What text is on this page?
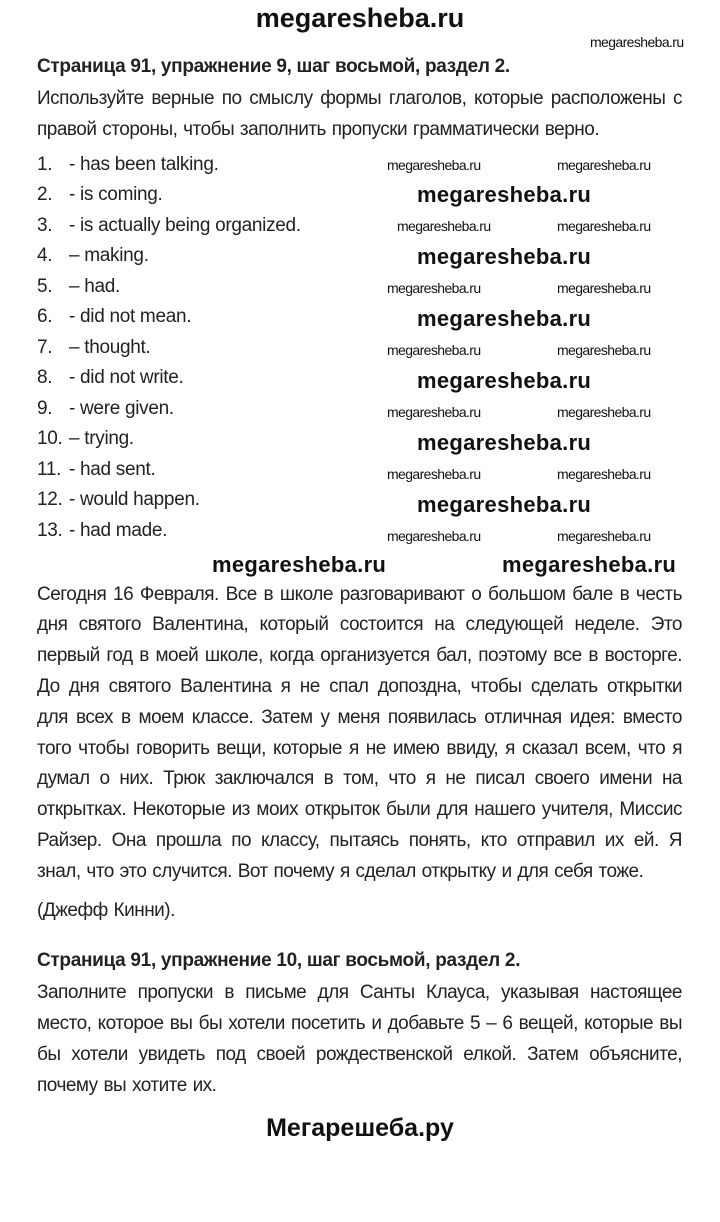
megaresheba.ru
megaresheba.ru
Страница 91, упражнение 9, шаг восьмой, раздел 2.
Используйте верные по смыслу формы глаголов, которые расположены с правой стороны, чтобы заполнить пропуски грамматически верно.
1. - has been talking.
2. - is coming.
3. - is actually being organized.
4. – making.
5. – had.
6. - did not mean.
7. – thought.
8. - did not write.
9. - were given.
10. – trying.
11. - had sent.
12. - would happen.
13. - had made.
megaresheba.ru	megaresheba.ru
megaresheba.ru
megaresheba.ru	megaresheba.ru
megaresheba.ru
megaresheba.ru	megaresheba.ru
megaresheba.ru
megaresheba.ru	megaresheba.ru
megaresheba.ru
megaresheba.ru	megaresheba.ru
megaresheba.ru
megaresheba.ru	megaresheba.ru
megaresheba.ru
megaresheba.ru	megaresheba.ru
megaresheba.ru	megaresheba.ru
Сегодня 16 Февраля. Все в школе разговаривают о большом бале в честь дня святого Валентина, который состоится на следующей неделе. Это первый год в моей школе, когда организуется бал, поэтому все в восторге. До дня святого Валентина я не спал допоздна, чтобы сделать открытки для всех в моем классе. Затем у меня появилась отличная идея: вместо того чтобы говорить вещи, которые я не имею ввиду, я сказал всем, что я думал о них. Трюк заключался в том, что я не писал своего имени на открытках. Некоторые из моих открыток были для нашего учителя, Миссис Райзер. Она прошла по классу, пытаясь понять, кто отправил их ей. Я знал, что это случится. Вот почему я сделал открытку и для себя тоже.
(Джефф Кинни).
Страница 91, упражнение 10, шаг восьмой, раздел 2.
Заполните пропуски в письме для Санты Клауса, указывая настоящее место, которое вы бы хотели посетить и добавьте 5 – 6 вещей, которые вы бы хотели увидеть под своей рождественской елкой. Затем объясните, почему вы хотите их.
Мегарешеба.ру
